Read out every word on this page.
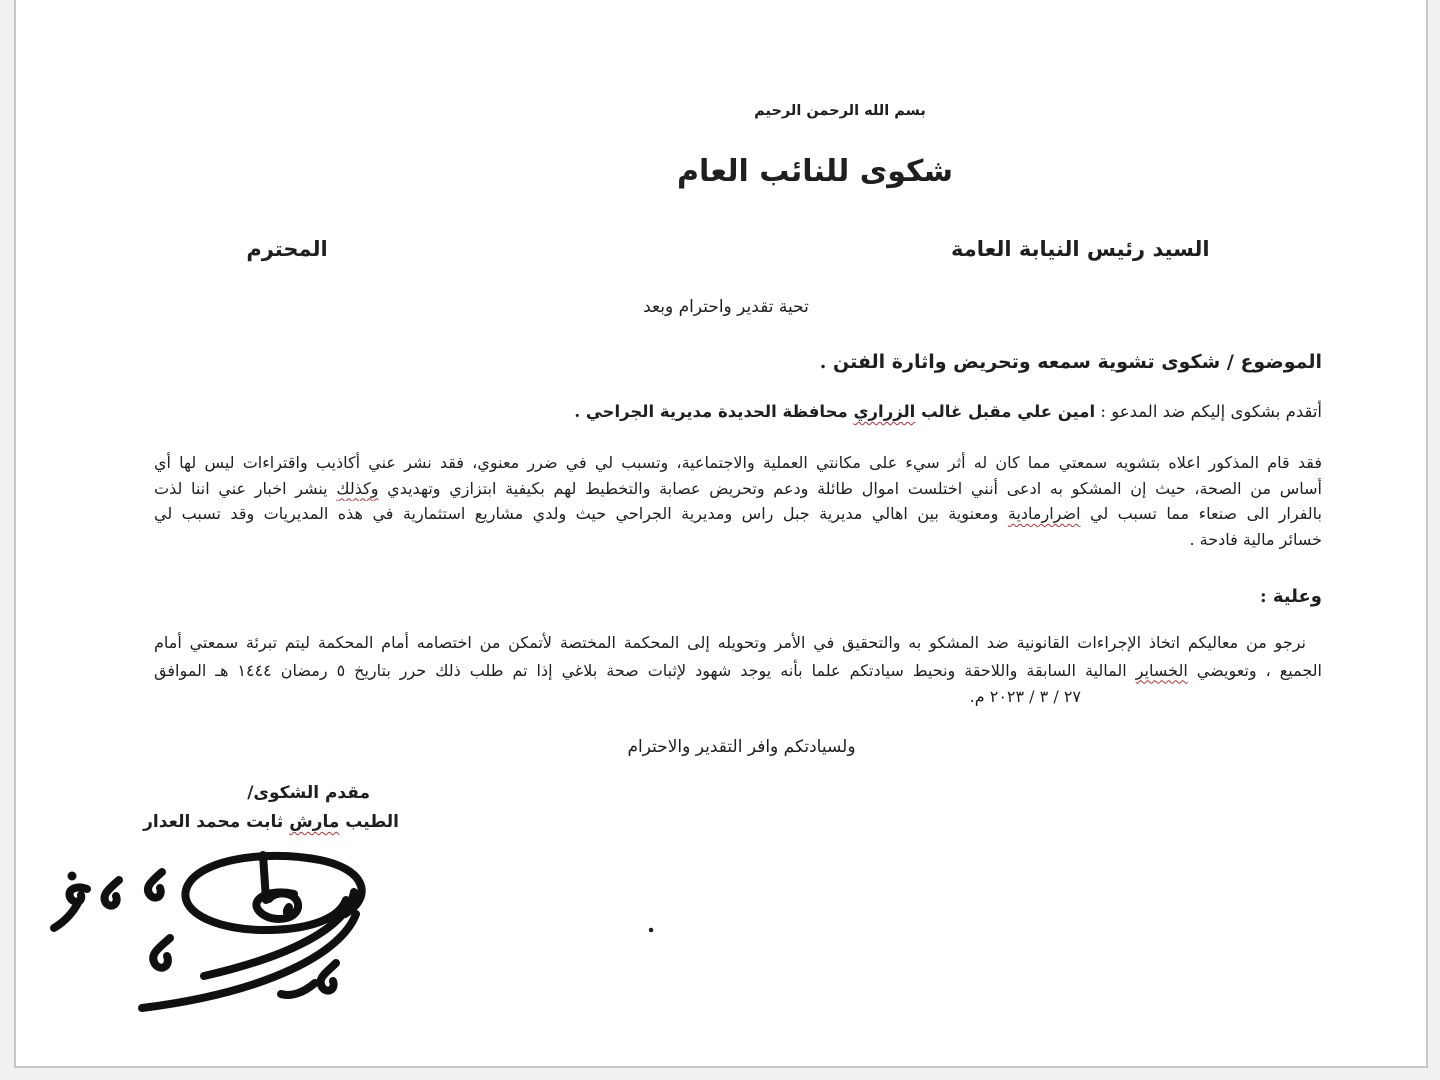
بسم الله الرحمن الرحيم
شكوى للنائب العام
السيد رئيس النيابة العامة
المحترم
تحية تقدير واحترام وبعد
الموضوع / شكوى تشوية سمعه وتحريض واثارة الفتن .
أتقدم بشكوى إليكم ضد المدعو : امين علي مقبل غالب الزراري محافظة الحديدة مديرية الجراحي .
فقد قام المذكور اعلاه بتشويه سمعتي مما كان له أثر سيء على مكانتي العملية والاجتماعية، وتسبب لي في ضرر معنوي، فقد نشر عني أكاذيب واقتراءات ليس لها أي
أساس من الصحة، حيث إن المشكو به ادعى أنني اختلست اموال طائلة ودعم وتحريض عصابة والتخطيط لهم بكيفية ابتزازي وتهديدي وكذلك ينشر اخبار عني اننا لذت
بالفرار الى صنعاء مما تسبب لي اضرارمادية ومعنوية بين اهالي مديرية جبل راس ومديرية الجراحي حيث ولدي مشاريع استثمارية في هذه المديريات وقد تسبب لي
خسائر مالية فادحة .
وعلية :
نرجو من معاليكم اتخاذ الإجراءات القانونية ضد المشكو به والتحقيق في الأمر وتحويله إلى المحكمة المختصة لأتمكن من اختصامه أمام المحكمة ليتم تبرئة سمعتي أمام
الجميع ، وتعويضي الخساير المالية السابقة واللاحقة ونحيط سيادتكم علما بأنه يوجد شهود لإثبات صحة بلاغي إذا تم طلب ذلك حرر بتاريخ ٥ رمضان ١٤٤٤ هـ الموافق
٢٧ / ٣ / ٢٠٢٣ م.
ولسيادتكم وافر التقدير والاحترام
مقدم الشكوى/
الطيب مارش ثابت محمد العدار
.
